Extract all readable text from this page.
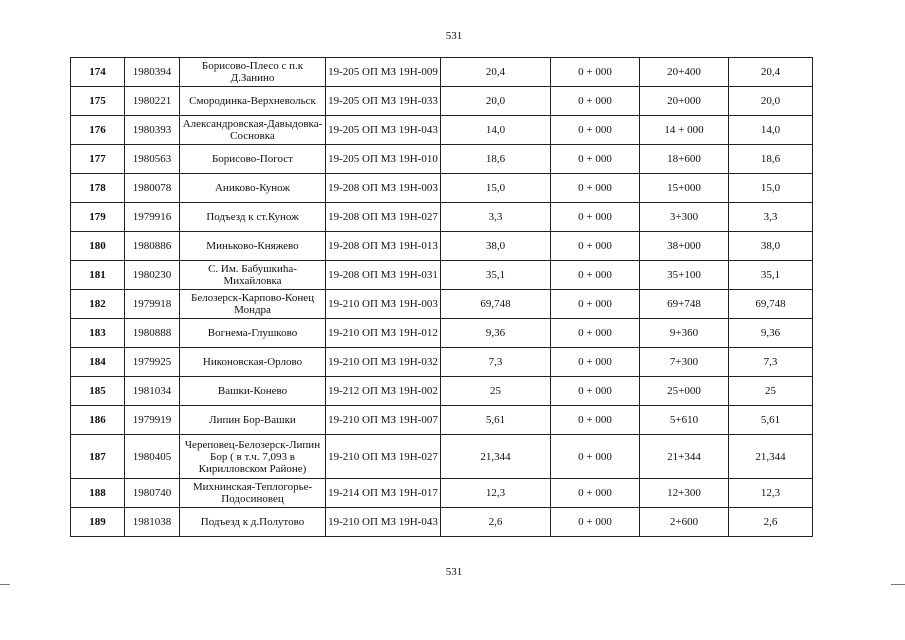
531
174	1980394	Борисово-Плесо с п.к Д.Занино	19-205 ОП МЗ 19Н-009	20,4	0 + 000	20+400	20,4
175	1980221	Смородинка-Верхневольск	19-205 ОП МЗ 19Н-033	20,0	0 + 000	20+000	20,0
176	1980393	Александровская-Давыдовка-Сосновка	19-205 ОП МЗ 19Н-043	14,0	0 + 000	14 + 000	14,0
177	1980563	Борисово-Погост	19-205 ОП МЗ 19Н-010	18,6	0 + 000	18+600	18,6
178	1980078	Аниково-Кунож	19-208 ОП МЗ 19Н-003	15,0	0 + 000	15+000	15,0
179	1979916	Подъезд к ст.Кунож	19-208 ОП МЗ 19Н-027	3,3	0 + 000	3+300	3,3
180	1980886	Миньково-Княжево	19-208 ОП МЗ 19Н-013	38,0	0 + 000	38+000	38,0
181	1980230	С. Им. Бабушкиhа-Михайловка	19-208 ОП МЗ 19Н-031	35,1	0 + 000	35+100	35,1
182	1979918	Белозерск-Карпово-Конец Мондра	19-210 ОП МЗ 19Н-003	69,748	0 + 000	69+748	69,748
183	1980888	Вогнема-Глушково	19-210 ОП МЗ 19Н-012	9,36	0 + 000	9+360	9,36
184	1979925	Никоновская-Орлово	19-210 ОП МЗ 19Н-032	7,3	0 + 000	7+300	7,3
185	1981034	Вашки-Конево	19-212 ОП МЗ 19Н-002	25	0 + 000	25+000	25
186	1979919	Липин Бор-Вашки	19-210 ОП МЗ 19Н-007	5,61	0 + 000	5+610	5,61
187	1980405	Череповец-Белозерск-Липин Бор ( в т.ч. 7,093 в Кирилловском Районе)	19-210 ОП МЗ 19Н-027	21,344	0 + 000	21+344	21,344
188	1980740	Михнинская-Теплогорье-Подосиновец	19-214 ОП МЗ 19Н-017	12,3	0 + 000	12+300	12,3
189	1981038	Подъезд к д.Полутово	19-210 ОП МЗ 19Н-043	2,6	0 + 000	2+600	2,6
531
